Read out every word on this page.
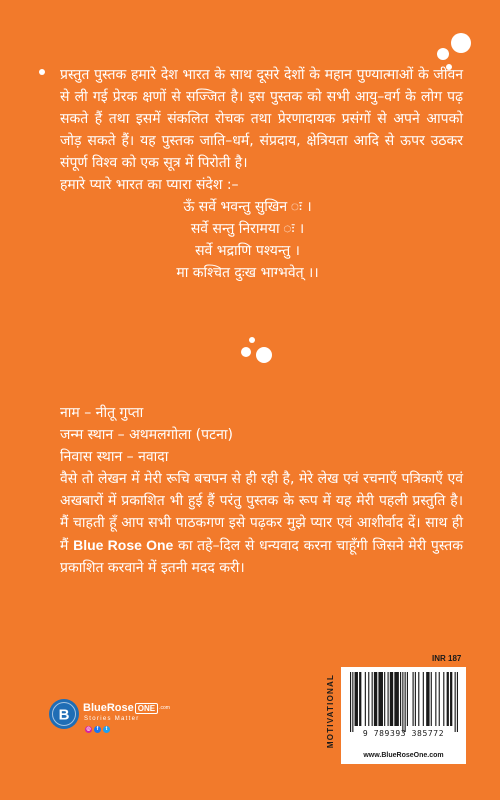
प्रस्तुत पुस्तक हमारे देश भारत के साथ दूसरे देशों के महान पुण्यात्माओं के जीवन से ली गई प्रेरक क्षणों से सज्जित है। इस पुस्तक को सभी आयु–वर्ग के लोग पढ़ सकते हैं तथा इसमें संकलित रोचक तथा प्रेरणादायक प्रसंगों से अपने आपको जोड़ सकते हैं। यह पुस्तक जाति–धर्म, संप्रदाय, क्षेत्रियता आदि से ऊपर उठकर संपूर्ण विश्व को एक सूत्र में पिरोती है।

हमारे प्यारे भारत का प्यारा संदेश :–

ऊँ सर्वे भवन्तु सुखिन ः ।
सर्वे सन्तु निरामया ः ।
सर्वे भद्राणि पश्यन्तु ।
मा कश्चित दुःख भाग्भवेत् ।।

नाम – नीतू गुप्ता

जन्म स्थान – अथमलगोला (पटना)

निवास स्थान – नवादा

वैसे तो लेखन में मेरी रूचि बचपन से ही रही है, मेरे लेख एवं रचनाएँ पत्रिकाएँ एवं अखबारों में प्रकाशित भी हुई हैं परंतु पुस्तक के रूप में यह मेरी पहली प्रस्तुति है। मैं चाहती हूँ आप सभी पाठकगण इसे पढ़कर मुझे प्यार एवं आशीर्वाद दें। साथ ही मैं Blue Rose One का तहे–दिल से धन्यवाद करना चाहूँगी जिसने मेरी पुस्तक प्रकाशित करवाने में इतनी मदद करी।

B BlueRose ONE $^{.com}$
Stories Matter
◎	f	t
INR 187
MOTIVATIONAL	9 789393 385772
www.BlueRoseOne.com
